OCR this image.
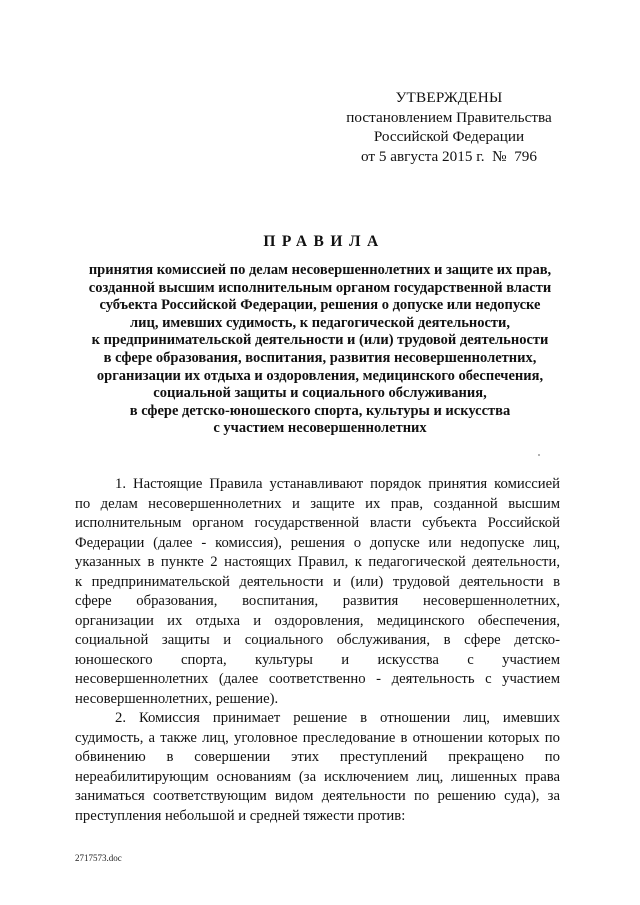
УТВЕРЖДЕНЫ
постановлением Правительства
Российской Федерации
от 5 августа 2015 г.  №  796
ПРАВИЛА
принятия комиссией по делам несовершеннолетних и защите их прав,
созданной высшим исполнительным органом государственной власти
субъекта Российской Федерации, решения о допуске или недопуске
лиц, имевших судимость, к педагогической деятельности,
к предпринимательской деятельности и (или) трудовой деятельности
в сфере образования, воспитания, развития несовершеннолетних,
организации их отдыха и оздоровления, медицинского обеспечения,
социальной защиты и социального обслуживания,
в сфере детско-юношеского спорта, культуры и искусства
с участием несовершеннолетних
1. Настоящие Правила устанавливают порядок принятия комиссией
по делам несовершеннолетних и защите их прав, созданной высшим
исполнительным органом государственной власти субъекта Российской
Федерации (далее - комиссия), решения о допуске или недопуске лиц,
указанных в пункте 2 настоящих Правил, к педагогической деятельности,
к предпринимательской деятельности и (или) трудовой деятельности в
сфере образования, воспитания, развития несовершеннолетних,
организации их отдыха и оздоровления, медицинского обеспечения,
социальной защиты и социального обслуживания, в сфере детско-
юношеского спорта, культуры и искусства с участием
несовершеннолетних (далее соответственно - деятельность с участием
несовершеннолетних, решение).
2. Комиссия принимает решение в отношении лиц, имевших
судимость, а также лиц, уголовное преследование в отношении которых по
обвинению в совершении этих преступлений прекращено по
нереабилитирующим основаниям (за исключением лиц, лишенных права
заниматься соответствующим видом деятельности по решению суда), за
преступления небольшой и средней тяжести против:
2717573.doc
